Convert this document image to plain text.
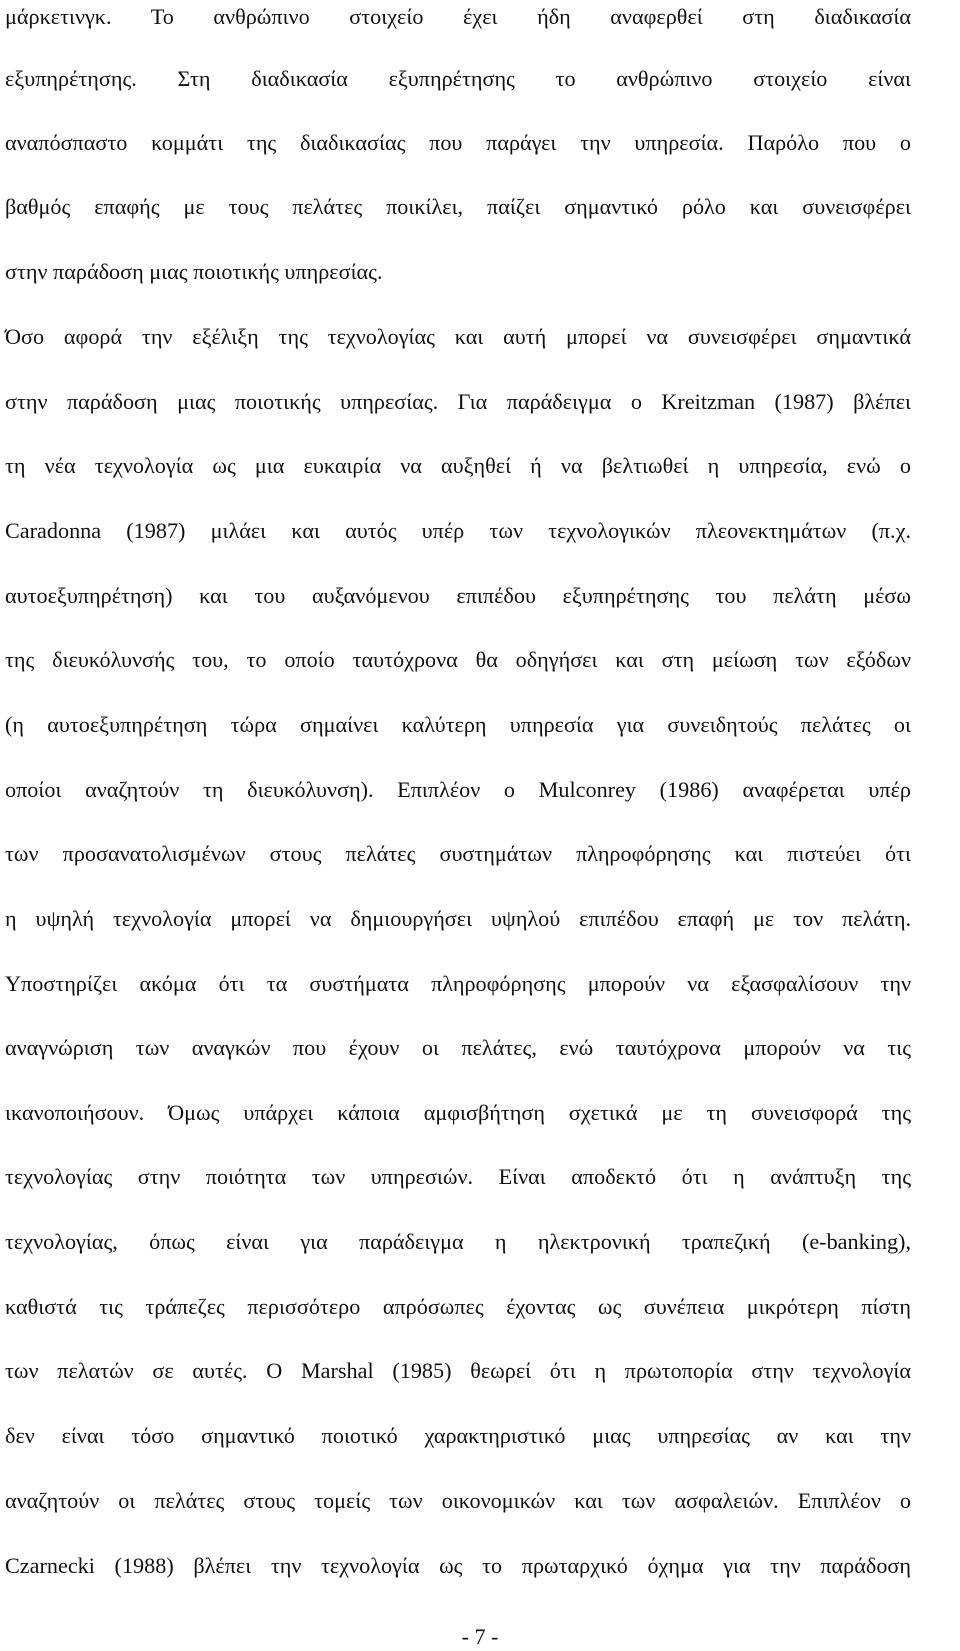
μάρκετινγκ. Το ανθρώπινο στοιχείο έχει ήδη αναφερθεί στη διαδικασία
εξυπηρέτησης. Στη διαδικασία εξυπηρέτησης το ανθρώπινο στοιχείο είναι
αναπόσπαστο κομμάτι της διαδικασίας που παράγει την υπηρεσία. Παρόλο που ο
βαθμός επαφής με τους πελάτες ποικίλει, παίζει σημαντικό ρόλο και συνεισφέρει
στην παράδοση μιας ποιοτικής υπηρεσίας.
Όσο αφορά την εξέλιξη της τεχνολογίας και αυτή μπορεί να συνεισφέρει σημαντικά
στην παράδοση μιας ποιοτικής υπηρεσίας. Για παράδειγμα ο Kreitzman (1987) βλέπει
τη νέα τεχνολογία ως μια ευκαιρία να αυξηθεί ή να βελτιωθεί η υπηρεσία, ενώ ο
Caradonna (1987) μιλάει και αυτός υπέρ των τεχνολογικών πλεονεκτημάτων (π.χ.
αυτοεξυπηρέτηση) και του αυξανόμενου επιπέδου εξυπηρέτησης του πελάτη μέσω
της διευκόλυνσής του, το οποίο ταυτόχρονα θα οδηγήσει και στη μείωση των εξόδων
(η αυτοεξυπηρέτηση τώρα σημαίνει καλύτερη υπηρεσία για συνειδητούς πελάτες οι
οποίοι αναζητούν τη διευκόλυνση). Επιπλέον ο Mulconrey (1986) αναφέρεται υπέρ
των προσανατολισμένων στους πελάτες συστημάτων πληροφόρησης και πιστεύει ότι
η υψηλή τεχνολογία μπορεί να δημιουργήσει υψηλού επιπέδου επαφή με τον πελάτη.
Υποστηρίζει ακόμα ότι τα συστήματα πληροφόρησης μπορούν να εξασφαλίσουν την
αναγνώριση των αναγκών που έχουν οι πελάτες, ενώ ταυτόχρονα μπορούν να τις
ικανοποιήσουν. Όμως υπάρχει κάποια αμφισβήτηση σχετικά με τη συνεισφορά της
τεχνολογίας στην ποιότητα των υπηρεσιών. Είναι αποδεκτό ότι η ανάπτυξη της
τεχνολογίας, όπως είναι για παράδειγμα η ηλεκτρονική τραπεζική (e-banking),
καθιστά τις τράπεζες περισσότερο απρόσωπες έχοντας ως συνέπεια μικρότερη πίστη
των πελατών σε αυτές. Ο Marshal (1985) θεωρεί ότι η πρωτοπορία στην τεχνολογία
δεν είναι τόσο σημαντικό ποιοτικό χαρακτηριστικό μιας υπηρεσίας αν και την
αναζητούν οι πελάτες στους τομείς των οικονομικών και των ασφαλειών. Επιπλέον ο
Czarnecki (1988) βλέπει την τεχνολογία ως το πρωταρχικό όχημα για την παράδοση
- 7 -
